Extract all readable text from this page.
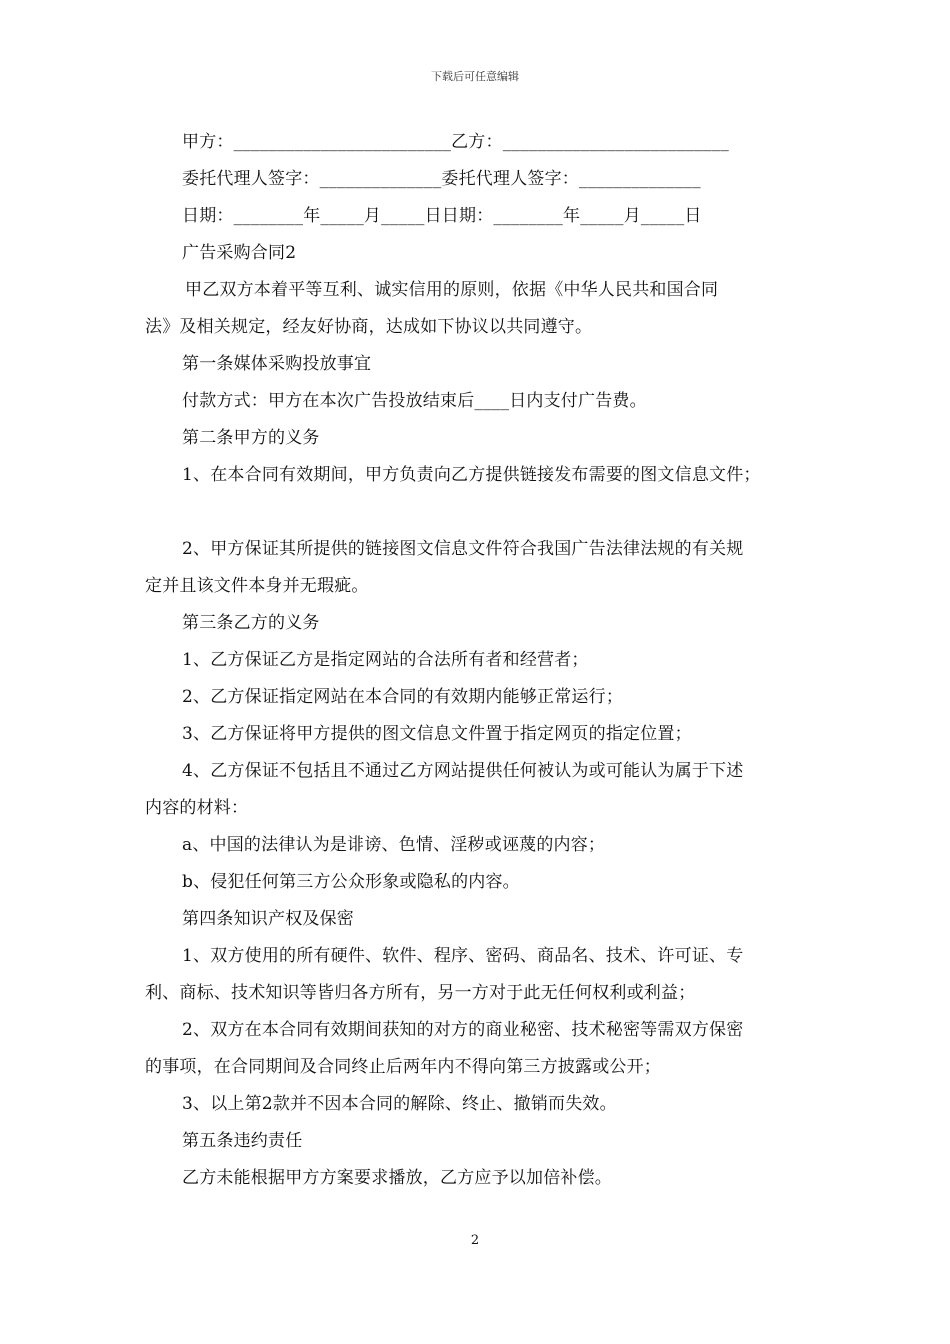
下载后可任意编辑
甲方：_________________________乙方：__________________________
委托代理人签字：______________委托代理人签字：______________
日期：________年_____月_____日日期：________年_____月_____日
广告采购合同2
甲乙双方本着平等互利、诚实信用的原则，依据《中华人民共和国合同
法》及相关规定，经友好协商，达成如下协议以共同遵守。
第一条媒体采购投放事宜
付款方式：甲方在本次广告投放结束后____日内支付广告费。
第二条甲方的义务
1、在本合同有效期间，甲方负责向乙方提供链接发布需要的图文信息文件；
2、甲方保证其所提供的链接图文信息文件符合我国广告法律法规的有关规
定并且该文件本身并无瑕疵。
第三条乙方的义务
1、乙方保证乙方是指定网站的合法所有者和经营者；
2、乙方保证指定网站在本合同的有效期内能够正常运行；
3、乙方保证将甲方提供的图文信息文件置于指定网页的指定位置；
4、乙方保证不包括且不通过乙方网站提供任何被认为或可能认为属于下述
内容的材料：
a、中国的法律认为是诽谤、色情、淫秽或诬蔑的内容；
b、侵犯任何第三方公众形象或隐私的内容。
第四条知识产权及保密
1、双方使用的所有硬件、软件、程序、密码、商品名、技术、许可证、专
利、商标、技术知识等皆归各方所有，另一方对于此无任何权利或利益；
2、双方在本合同有效期间获知的对方的商业秘密、技术秘密等需双方保密
的事项，在合同期间及合同终止后两年内不得向第三方披露或公开；
3、以上第2款并不因本合同的解除、终止、撤销而失效。
第五条违约责任
乙方未能根据甲方方案要求播放，乙方应予以加倍补偿。
2
